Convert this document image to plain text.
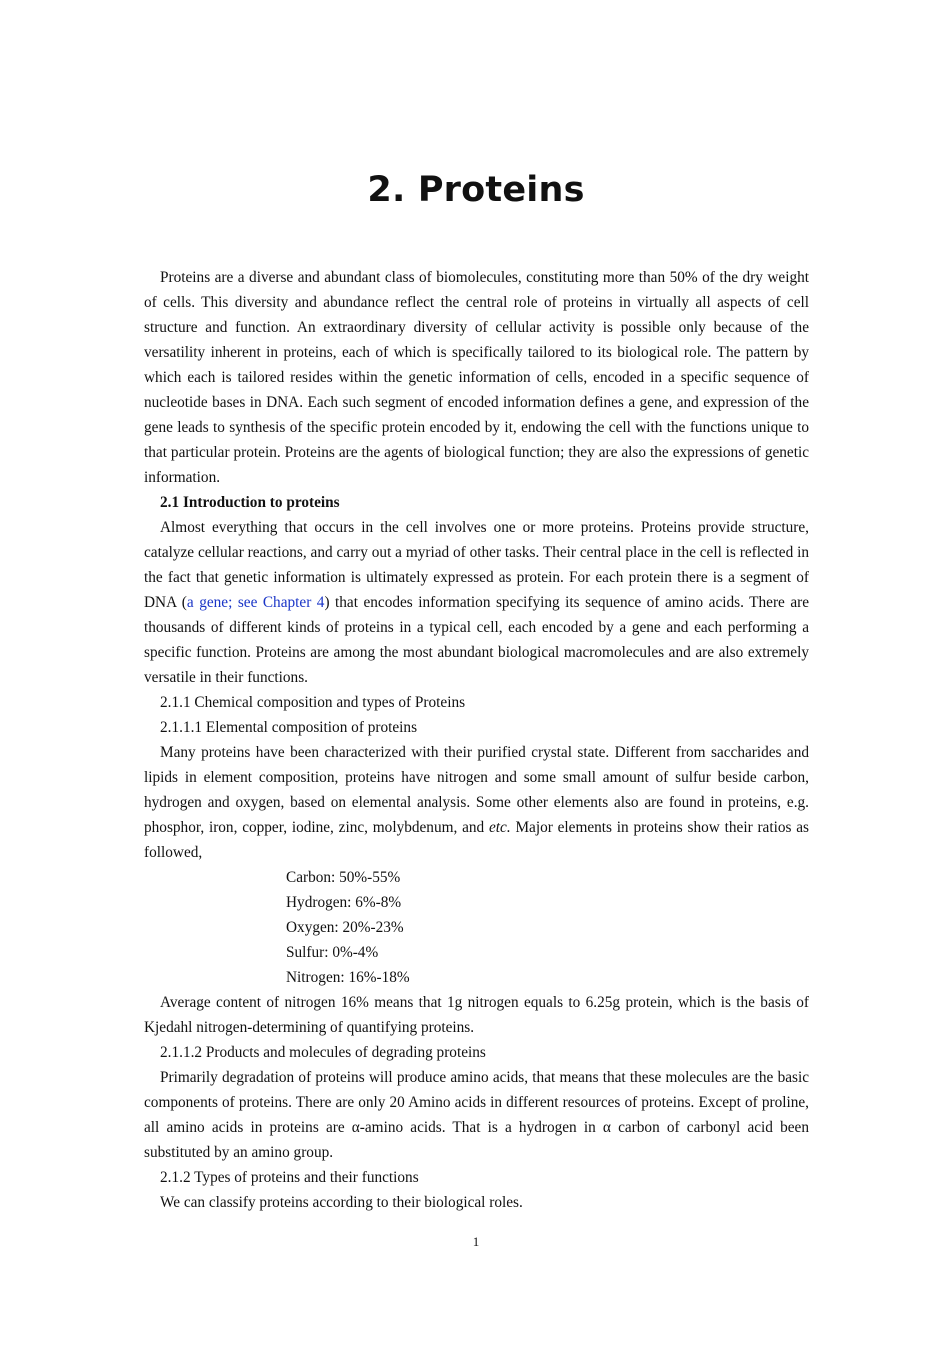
2. Proteins

Proteins are a diverse and abundant class of biomolecules, constituting more than 50% of the dry weight of cells. This diversity and abundance reflect the central role of proteins in virtually all aspects of cell structure and function. An extraordinary diversity of cellular activity is possible only because of the versatility inherent in proteins, each of which is specifically tailored to its biological role. The pattern by which each is tailored resides within the genetic information of cells, encoded in a specific sequence of nucleotide bases in DNA. Each such segment of encoded information defines a gene, and expression of the gene leads to synthesis of the specific protein encoded by it, endowing the cell with the functions unique to that particular protein. Proteins are the agents of biological function; they are also the expressions of genetic information.

2.1 Introduction to proteins

Almost everything that occurs in the cell involves one or more proteins. Proteins provide structure, catalyze cellular reactions, and carry out a myriad of other tasks. Their central place in the cell is reflected in the fact that genetic information is ultimately expressed as protein. For each protein there is a segment of DNA (a gene; see Chapter 4) that encodes information specifying its sequence of amino acids. There are thousands of different kinds of proteins in a typical cell, each encoded by a gene and each performing a specific function. Proteins are among the most abundant biological macromolecules and are also extremely versatile in their functions.

2.1.1 Chemical composition and types of Proteins

2.1.1.1 Elemental composition of proteins

Many proteins have been characterized with their purified crystal state. Different from saccharides and lipids in element composition, proteins have nitrogen and some small amount of sulfur beside carbon, hydrogen and oxygen, based on elemental analysis. Some other elements also are found in proteins, e.g. phosphor, iron, copper, iodine, zinc, molybdenum, and etc. Major elements in proteins show their ratios as followed,

Carbon: 50%-55%
Hydrogen: 6%-8%
Oxygen: 20%-23%
Sulfur: 0%-4%
Nitrogen: 16%-18%

Average content of nitrogen 16% means that 1g nitrogen equals to 6.25g protein, which is the basis of Kjedahl nitrogen-determining of quantifying proteins.

2.1.1.2 Products and molecules of degrading proteins

Primarily degradation of proteins will produce amino acids, that means that these molecules are the basic components of proteins. There are only 20 Amino acids in different resources of proteins. Except of proline, all amino acids in proteins are α-amino acids. That is a hydrogen in α carbon of carbonyl acid been substituted by an amino group.

2.1.2 Types of proteins and their functions

We can classify proteins according to their biological roles.

1
